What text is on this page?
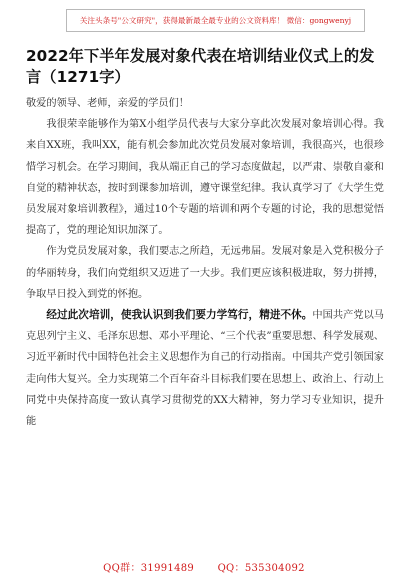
关注头条号"公文研究"，获得最新最全最专业的公文资料库！ 微信：gongwenyj
2022年下半年发展对象代表在培训结业仪式上的发言（1271字）

敬爱的领导、老师，亲爱的学员们！

我很荣幸能够作为第X小组学员代表与大家分享此次发展对象培训心得。我来自XX班，我叫XX，能有机会参加此次党员发展对象培训，我很高兴，也很珍惜学习机会。在学习期间，我从端正自己的学习态度做起，以严肃、崇敬自豪和自觉的精神状态，按时到课参加培训，遵守课堂纪律。我认真学习了《大学生党员发展对象培训教程》，通过10个专题的培训和两个专题的讨论，我的思想觉悟提高了，党的理论知识加深了。

作为党员发展对象，我们要志之所趋，无远弗届。发展对象是入党积极分子的华丽转身，我们向党组织又迈进了一大步。我们更应该积极进取，努力拼搏，争取早日投入到党的怀抱。

经过此次培训，使我认识到我们要力学笃行，精进不休。中国共产党以马克思列宁主义、毛泽东思想、邓小平理论、“三个代表”重要思想、科学发展观、习近平新时代中国特色社会主义思想作为自己的行动指南。中国共产党引领国家走向伟大复兴。全力实现第二个百年奋斗目标我们要在思想上、政治上、行动上同党中央保持高度一致认真学习贯彻党的XX大精神，努力学习专业知识，提升能

QQ群：31991489 QQ：535304092
